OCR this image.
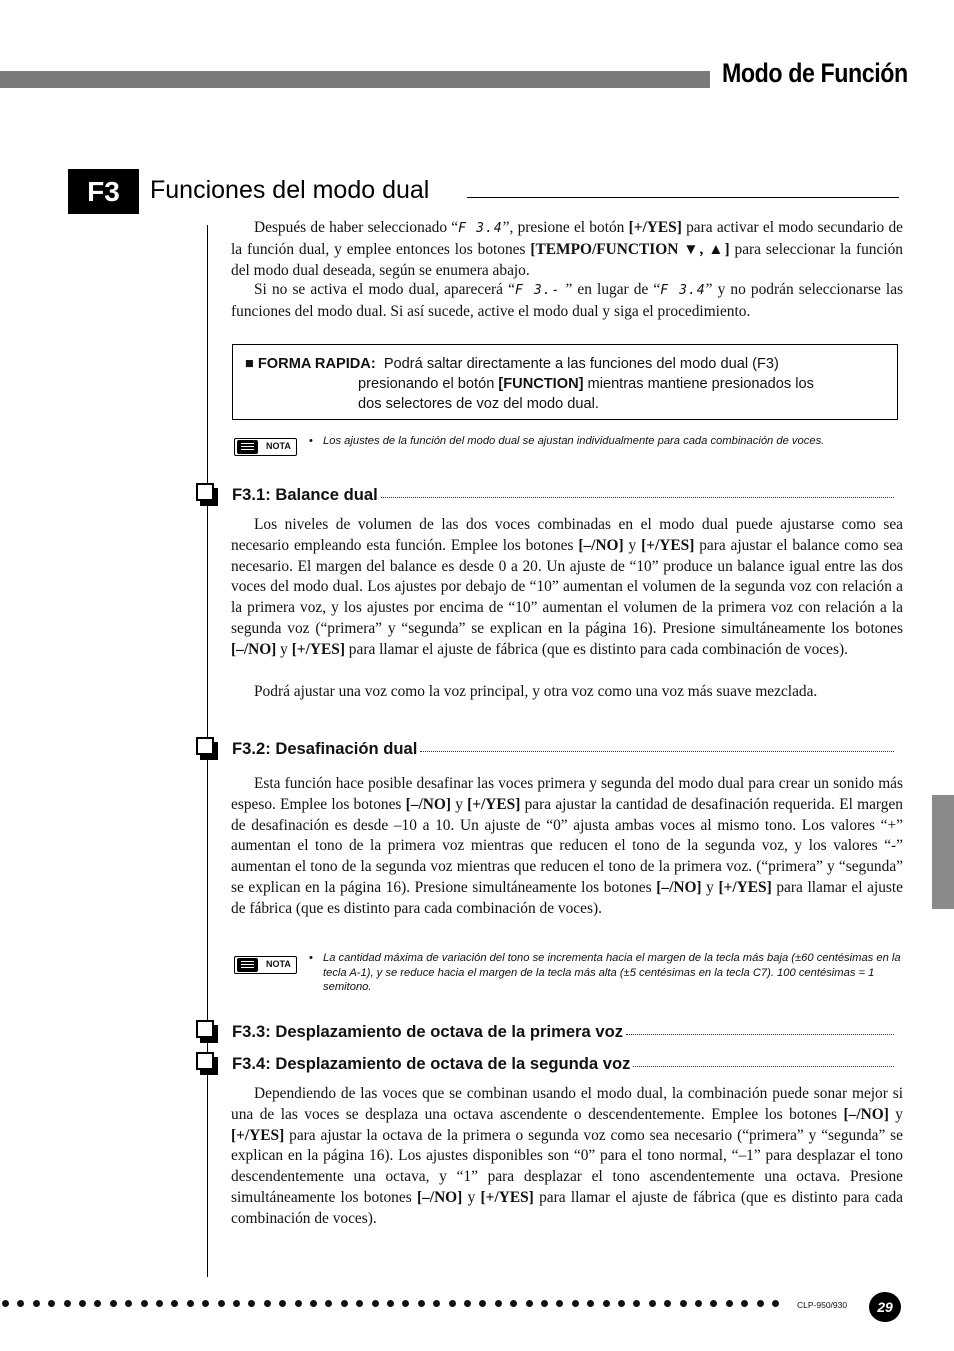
Modo de Función
F3	Funciones del modo dual

Después de haber seleccionado “F 3.4”, presione el botón [+/YES] para activar el modo secundario de la función dual, y emplee entonces los botones [TEMPO/FUNCTION ▼, ▲] para seleccionar la función del modo dual deseada, según se enumera abajo.

Si no se activa el modo dual, aparecerá “F 3.- ” en lugar de “F 3.4” y no podrán seleccionarse las funciones del modo dual. Si así sucede, active el modo dual y siga el procedimiento.

■ FORMA RAPIDA:  Podrá saltar directamente a las funciones del modo dual (F3)
presionando el botón [FUNCTION] mientras mantiene presionados los
dos selectores de voz del modo dual.
NOTA • Los ajustes de la función del modo dual se ajustan individualmente para cada combinación de voces.
F3.1: Balance dual

Los niveles de volumen de las dos voces combinadas en el modo dual puede ajustarse como sea necesario empleando esta función. Emplee los botones [–/NO] y [+/YES] para ajustar el balance como sea necesario. El margen del balance es desde 0 a 20. Un ajuste de “10” produce un balance igual entre las dos voces del modo dual. Los ajustes por debajo de “10” aumentan el volumen de la segunda voz con relación a la primera voz, y los ajustes por encima de “10” aumentan el volumen de la primera voz con relación a la segunda voz (“primera” y “segunda” se explican en la página 16). Presione simultáneamente los botones [–/NO] y [+/YES] para llamar el ajuste de fábrica (que es distinto para cada combinación de voces).

Podrá ajustar una voz como la voz principal, y otra voz como una voz más suave mezclada.

F3.2: Desafinación dual

Esta función hace posible desafinar las voces primera y segunda del modo dual para crear un sonido más espeso. Emplee los botones [–/NO] y [+/YES] para ajustar la cantidad de desafinación requerida. El margen de desafinación es desde –10 a 10. Un ajuste de “0” ajusta ambas voces al mismo tono. Los valores “+” aumentan el tono de la primera voz mientras que reducen el tono de la segunda voz, y los valores “-” aumentan el tono de la segunda voz mientras que reducen el tono de la primera voz. (“primera” y “segunda” se explican en la página 16). Presione simultáneamente los botones [–/NO] y [+/YES] para llamar el ajuste de fábrica (que es distinto para cada combinación de voces).

NOTA • La cantidad máxima de variación del tono se incrementa hacia el margen de la tecla más baja (±60 centésimas en la tecla A-1), y se reduce hacia el margen de la tecla más alta (±5 centésimas en la tecla C7). 100 centésimas = 1 semitono.
F3.3: Desplazamiento de octava de la primera voz
F3.4: Desplazamiento de octava de la segunda voz

Dependiendo de las voces que se combinan usando el modo dual, la combinación puede sonar mejor si una de las voces se desplaza una octava ascendente o descendentemente. Emplee los botones [–/NO] y [+/YES] para ajustar la octava de la primera o segunda voz como sea necesario (“primera” y “segunda” se explican en la página 16). Los ajustes disponibles son “0” para el tono normal, “–1” para desplazar el tono descendentemente una octava, y “1” para desplazar el tono ascendentemente una octava. Presione simultáneamente los botones [–/NO] y [+/YES] para llamar el ajuste de fábrica (que es distinto para cada combinación de voces).

CLP-950/930	29
